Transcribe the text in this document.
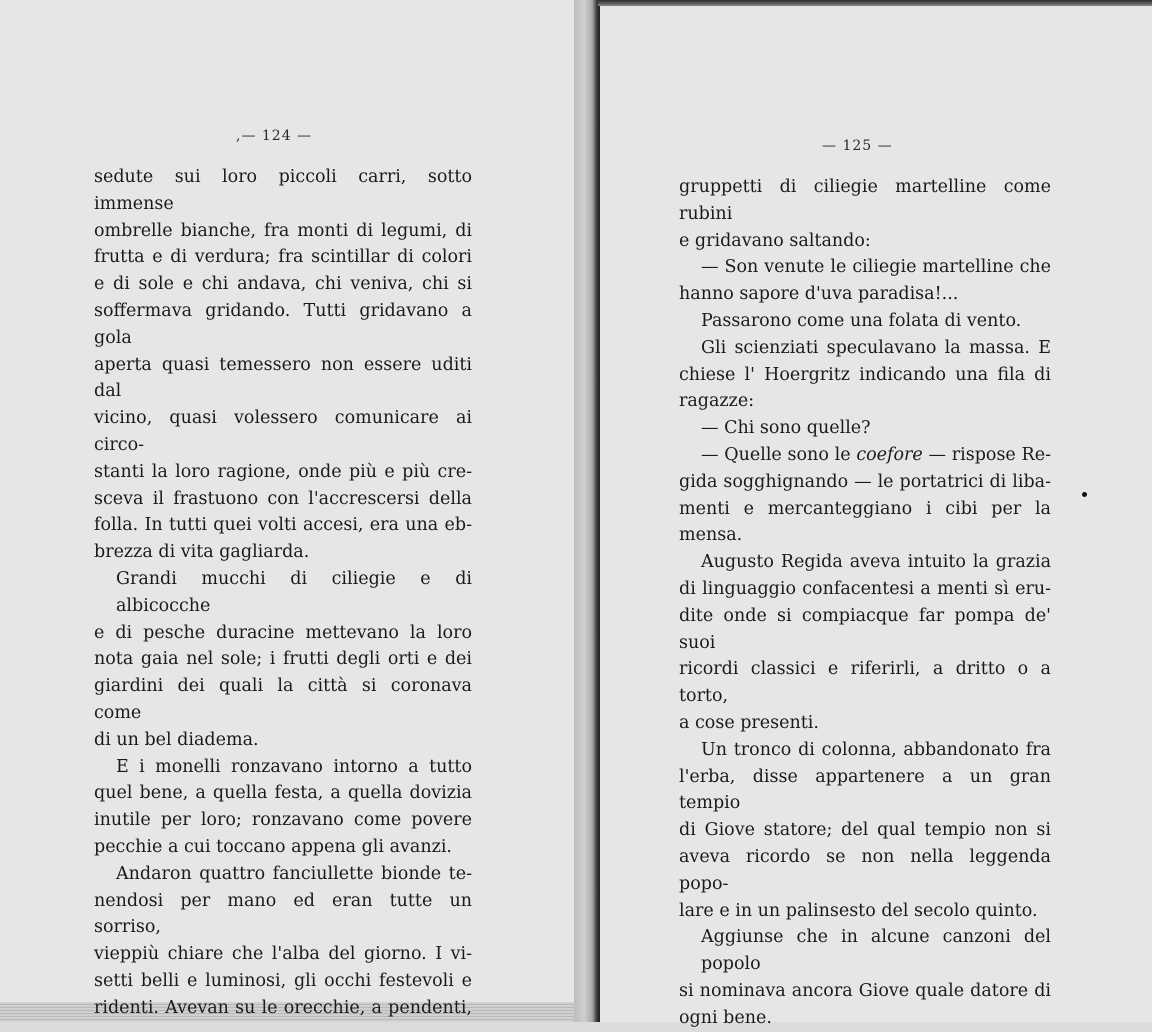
,— 124 —
— 125 —
sedute sui loro piccoli carri, sotto immense
ombrelle bianche, fra monti di legumi, di
frutta e di verdura; fra scintillar di colori
e di sole e chi andava, chi veniva, chi si
soffermava gridando. Tutti gridavano a gola
aperta quasi temessero non essere uditi dal
vicino, quasi volessero comunicare ai circo-
stanti la loro ragione, onde più e più cre-
sceva il frastuono con l'accrescersi della
folla. In tutti quei volti accesi, era una eb-
brezza di vita gagliarda.
Grandi mucchi di ciliegie e di albicocche
e di pesche duracine mettevano la loro
nota gaia nel sole; i frutti degli orti e dei
giardini dei quali la città si coronava come
di un bel diadema.
E i monelli ronzavano intorno a tutto
quel bene, a quella festa, a quella dovizia
inutile per loro; ronzavano come povere
pecchie a cui toccano appena gli avanzi.
Andaron quattro fanciullette bionde te-
nendosi per mano ed eran tutte un sorriso,
vieppiù chiare che l'alba del giorno. I vi-
setti belli e luminosi, gli occhi festevoli e
ridenti. Avevan su le orecchie, a pendenti,
gruppetti di ciliegie martelline come rubini
e gridavano saltando:
— Son venute le ciliegie martelline che
hanno sapore d'uva paradisa!...
Passarono come una folata di vento.
Gli scienziati speculavano la massa. E
chiese l' Hoergritz indicando una fila di
ragazze:
— Chi sono quelle?
— Quelle sono le coefore — rispose Re-
gida sogghignando — le portatrici di liba-
menti e mercanteggiano i cibi per la mensa.
Augusto Regida aveva intuito la grazia
di linguaggio confacentesi a menti sì eru-
dite onde si compiacque far pompa de' suoi
ricordi classici e riferirli, a dritto o a torto,
a cose presenti.
Un tronco di colonna, abbandonato fra
l'erba, disse appartenere a un gran tempio
di Giove statore; del qual tempio non si
aveva ricordo se non nella leggenda popo-
lare e in un palinsesto del secolo quinto.
Aggiunse che in alcune canzoni del popolo
si nominava ancora Giove quale datore di
ogni bene.
